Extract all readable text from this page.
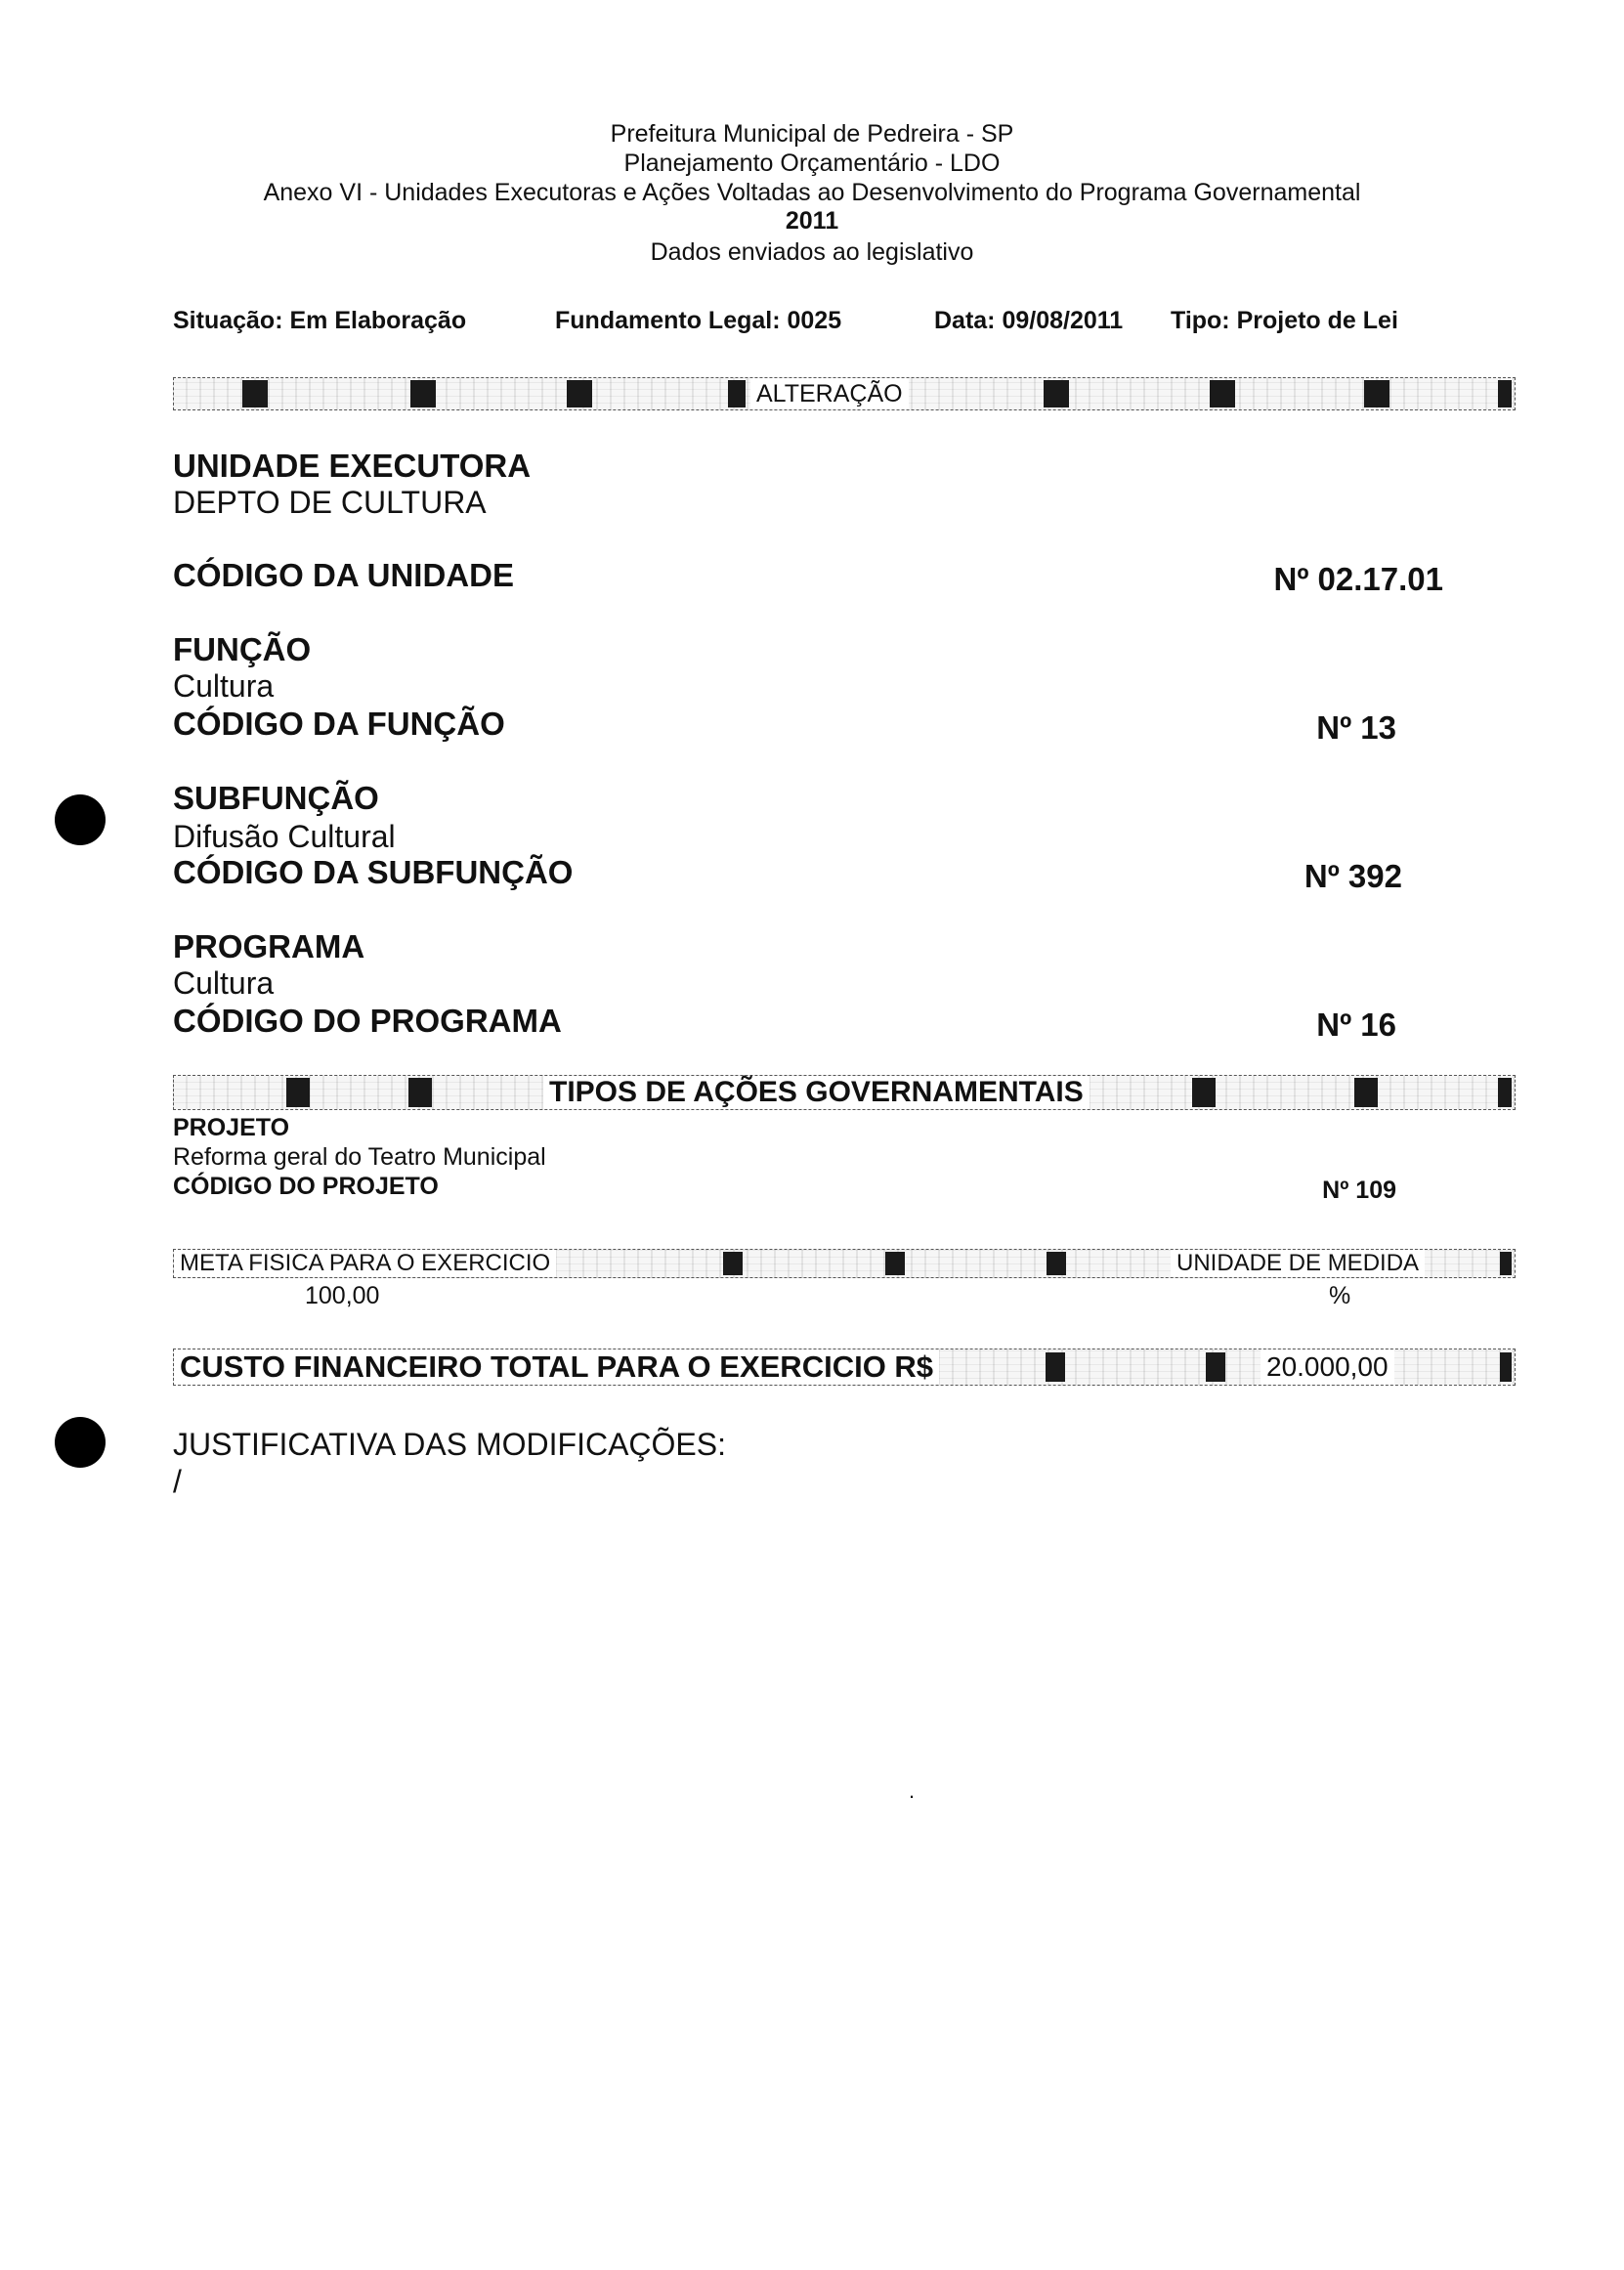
Prefeitura Municipal de Pedreira - SP
Planejamento Orçamentário - LDO
Anexo VI - Unidades Executoras e Ações Voltadas ao Desenvolvimento do Programa Governamental
2011
Dados enviados ao legislativo
Situação: Em Elaboração	Fundamento Legal: 0025	Data: 09/08/2011 Tipo: Projeto de Lei
ALTERAÇÃO
UNIDADE EXECUTORA
DEPTO DE CULTURA
CÓDIGO DA UNIDADE	Nº 02.17.01
FUNÇÃO
Cultura
CÓDIGO DA FUNÇÃO	Nº 13
SUBFUNÇÃO
Difusão Cultural
CÓDIGO DA SUBFUNÇÃO	Nº 392
PROGRAMA
Cultura
CÓDIGO DO PROGRAMA	Nº 16
TIPOS DE AÇÕES GOVERNAMENTAIS
PROJETO
Reforma geral do Teatro Municipal
CÓDIGO DO PROJETO	Nº 109
META FISICA PARA O EXERCICIO	UNIDADE DE MEDIDA
100,00	%
CUSTO FINANCEIRO TOTAL PARA O EXERCICIO R$	20.000,00
JUSTIFICATIVA DAS MODIFICAÇÕES:
/
.
